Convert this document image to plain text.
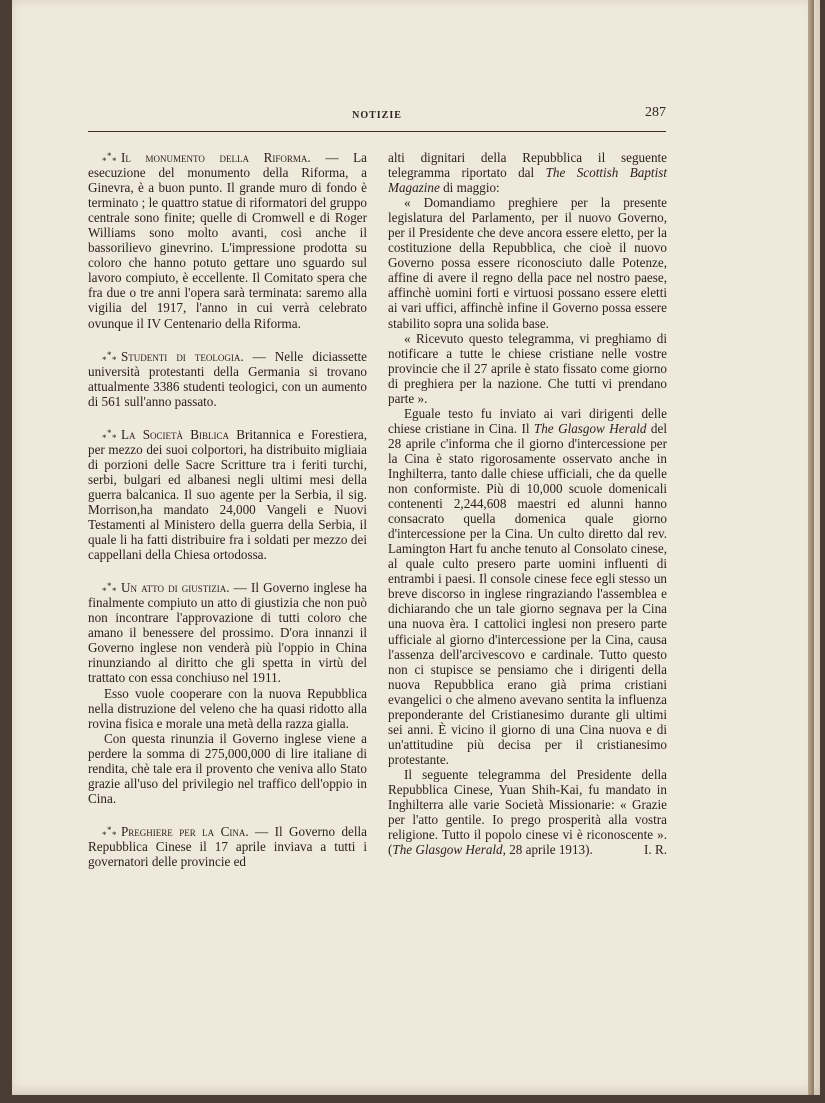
NOTIZIE	287

* * * Il monumento della Riforma. — La esecuzione del monumento della Riforma, a Ginevra, è a buon punto. Il grande muro di fondo è terminato ; le quattro statue di riformatori del gruppo centrale sono finite; quelle di Cromwell e di Roger Williams sono molto avanti, così anche il bassorilievo ginevrino. L'impressione prodotta su coloro che hanno potuto gettare uno sguardo sul lavoro compiuto, è eccellente. Il Comitato spera che fra due o tre anni l'opera sarà terminata: saremo alla vigilia del 1917, l'anno in cui verrà celebrato ovunque il IV Centenario della Riforma.

* * * Studenti di teologia. — Nelle diciassette università protestanti della Germania si trovano attualmente 3386 studenti teologici, con un aumento di 561 sull'anno passato.

* * * La Società Biblica Britannica e Forestiera, per mezzo dei suoi colportori, ha distribuito migliaia di porzioni delle Sacre Scritture tra i feriti turchi, serbi, bulgari ed albanesi negli ultimi mesi della guerra balcanica. Il suo agente per la Serbia, il sig. Morrison,ha mandato 24,000 Vangeli e Nuovi Testamenti al Ministero della guerra della Serbia, il quale li ha fatti distribuire fra i soldati per mezzo dei cappellani della Chiesa ortodossa.

* * * Un atto di giustizia. — Il Governo inglese ha finalmente compiuto un atto di giustizia che non può non incontrare l'approvazione di tutti coloro che amano il benessere del prossimo. D'ora innanzi il Governo inglese non venderà più l'oppio in China rinunziando al diritto che gli spetta in virtù del trattato con essa conchiuso nel 1911.

Esso vuole cooperare con la nuova Repubblica nella distruzione del veleno che ha quasi ridotto alla rovina fisica e morale una metà della razza gialla.

Con questa rinunzia il Governo inglese viene a perdere la somma di 275,000,000 di lire italiane di rendita, chè tale era il provento che veniva allo Stato grazie all'uso del privilegio nel traffico dell'oppio in Cina.

* * * Preghiere per la Cina. — Il Governo della Repubblica Cinese il 17 aprile inviava a tutti i governatori delle provincie ed

alti dignitari della Repubblica il seguente telegramma riportato dal The Scottish Baptist Magazine di maggio:

« Domandiamo preghiere per la presente legislatura del Parlamento, per il nuovo Governo, per il Presidente che deve ancora essere eletto, per la costituzione della Repubblica, che cioè il nuovo Governo possa essere riconosciuto dalle Potenze, affine di avere il regno della pace nel nostro paese, affinchè uomini forti e virtuosi possano essere eletti ai vari uffici, affinchè infine il Governo possa essere stabilito sopra una solida base.

« Ricevuto questo telegramma, vi preghiamo di notificare a tutte le chiese cristiane nelle vostre provincie che il 27 aprile è stato fissato come giorno di preghiera per la nazione. Che tutti vi prendano parte ».

Eguale testo fu inviato ai vari dirigenti delle chiese cristiane in Cina. Il The Glasgow Herald del 28 aprile c'informa che il giorno d'intercessione per la Cina è stato rigorosamente osservato anche in Inghilterra, tanto dalle chiese ufficiali, che da quelle non conformiste. Più di 10,000 scuole domenicali contenenti 2,244,608 maestri ed alunni hanno consacrato quella domenica quale giorno d'intercessione per la Cina. Un culto diretto dal rev. Lamington Hart fu anche tenuto al Consolato cinese, al quale culto presero parte uomini influenti di entrambi i paesi. Il console cinese fece egli stesso un breve discorso in inglese ringraziando l'assemblea e dichiarando che un tale giorno segnava per la Cina una nuova èra. I cattolici inglesi non presero parte ufficiale al giorno d'intercessione per la Cina, causa l'assenza dell'arcivescovo e cardinale. Tutto questo non ci stupisce se pensiamo che i dirigenti della nuova Repubblica erano già prima cristiani evangelici o che almeno avevano sentita la influenza preponderante del Cristianesimo durante gli ultimi sei anni. È vicino il giorno di una Cina nuova e di un'attitudine più decisa per il cristianesimo protestante.

Il seguente telegramma del Presidente della Repubblica Cinese, Yuan Shih-Kai, fu mandato in Inghilterra alle varie Società Missionarie: « Grazie per l'atto gentile. Io prego prosperità alla vostra religione. Tutto il popolo cinese vi è riconoscente ». (The Glasgow Herald, 28 aprile 1913).	I. R.
